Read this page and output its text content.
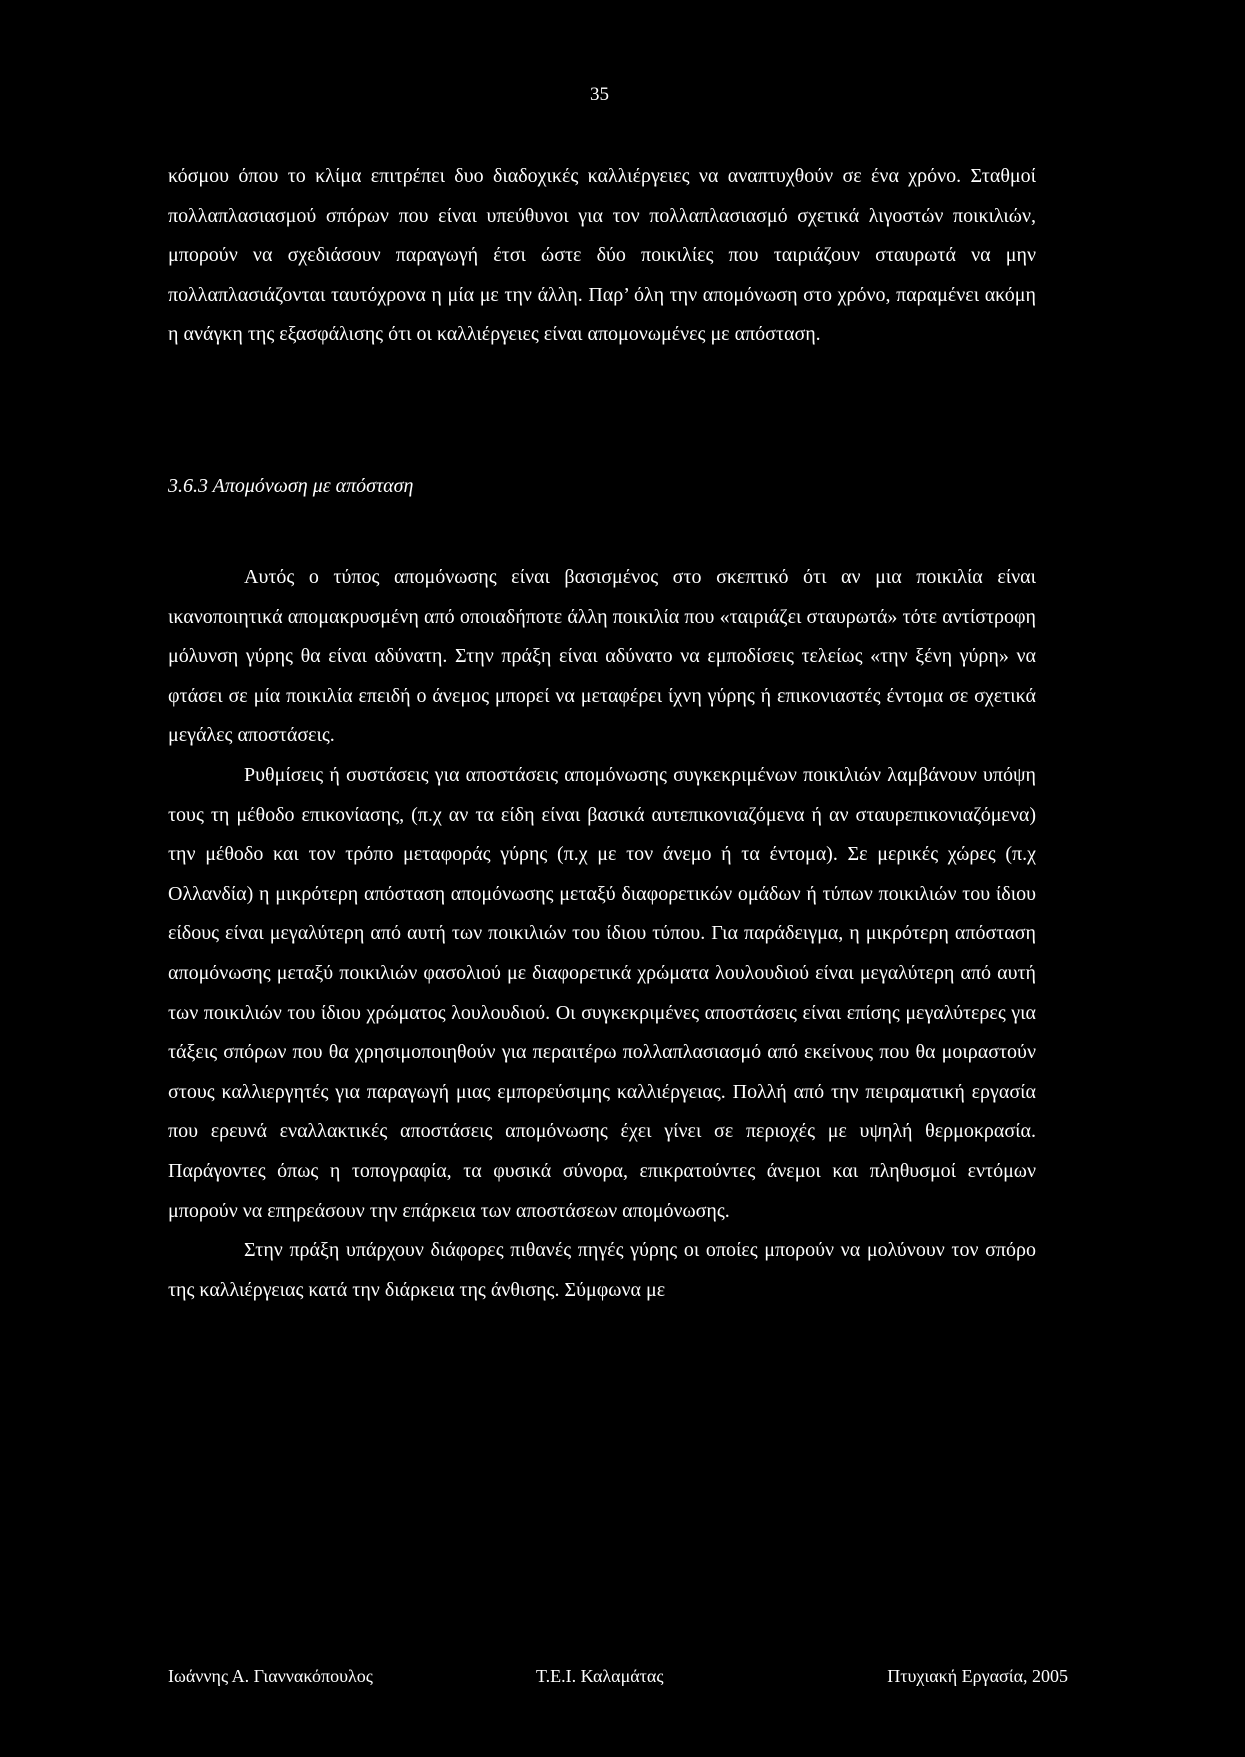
35

κόσμου όπου το κλίμα επιτρέπει δυο διαδοχικές καλλιέργειες να αναπτυχθούν σε ένα χρόνο. Σταθμοί πολλαπλασιασμού σπόρων που είναι υπεύθυνοι για τον πολλαπλασιασμό σχετικά λιγοστών ποικιλιών, μπορούν να σχεδιάσουν παραγωγή έτσι ώστε δύο ποικιλίες που ταιριάζουν σταυρωτά να μην πολλαπλασιάζονται ταυτόχρονα η μία με την άλλη. Παρ’ όλη την απομόνωση στο χρόνο, παραμένει ακόμη η ανάγκη της εξασφάλισης ότι οι καλλιέργειες είναι απομονωμένες με απόσταση.

3.6.3 Απομόνωση με απόσταση

Αυτός ο τύπος απομόνωσης είναι βασισμένος στο σκεπτικό ότι αν μια ποικιλία είναι ικανοποιητικά απομακρυσμένη από οποιαδήποτε άλλη ποικιλία που «ταιριάζει σταυρωτά» τότε αντίστροφη μόλυνση γύρης θα είναι αδύνατη. Στην πράξη είναι αδύνατο να εμποδίσεις τελείως «την ξένη γύρη» να φτάσει σε μία ποικιλία επειδή ο άνεμος μπορεί να μεταφέρει ίχνη γύρης ή επικονιαστές έντομα σε σχετικά μεγάλες αποστάσεις.

Ρυθμίσεις ή συστάσεις για αποστάσεις απομόνωσης συγκεκριμένων ποικιλιών λαμβάνουν υπόψη τους τη μέθοδο επικονίασης, (π.χ αν τα είδη είναι βασικά αυτεπικονιαζόμενα ή αν σταυρεπικονιαζόμενα) την μέθοδο και τον τρόπο μεταφοράς γύρης (π.χ με τον άνεμο ή τα έντομα). Σε μερικές χώρες (π.χ Ολλανδία) η μικρότερη απόσταση απομόνωσης μεταξύ διαφορετικών ομάδων ή τύπων ποικιλιών του ίδιου είδους είναι μεγαλύτερη από αυτή των ποικιλιών του ίδιου τύπου. Για παράδειγμα, η μικρότερη απόσταση απομόνωσης μεταξύ ποικιλιών φασολιού με διαφορετικά χρώματα λουλουδιού είναι μεγαλύτερη από αυτή των ποικιλιών του ίδιου χρώματος λουλουδιού. Οι συγκεκριμένες αποστάσεις είναι επίσης μεγαλύτερες για τάξεις σπόρων που θα χρησιμοποιηθούν για περαιτέρω πολλαπλασιασμό από εκείνους που θα μοιραστούν στους καλλιεργητές για παραγωγή μιας εμπορεύσιμης καλλιέργειας. Πολλή από την πειραματική εργασία που ερευνά εναλλακτικές αποστάσεις απομόνωσης έχει γίνει σε περιοχές με υψηλή θερμοκρασία. Παράγοντες όπως η τοπογραφία, τα φυσικά σύνορα, επικρατούντες άνεμοι και πληθυσμοί εντόμων μπορούν να επηρεάσουν την επάρκεια των αποστάσεων απομόνωσης.

Στην πράξη υπάρχουν διάφορες πιθανές πηγές γύρης οι οποίες μπορούν να μολύνουν τον σπόρο της καλλιέργειας κατά την διάρκεια της άνθισης. Σύμφωνα με

Ιωάννης Α. Γιαννακόπουλος	Τ.Ε.Ι. Καλαμάτας	Πτυχιακή Εργασία, 2005
